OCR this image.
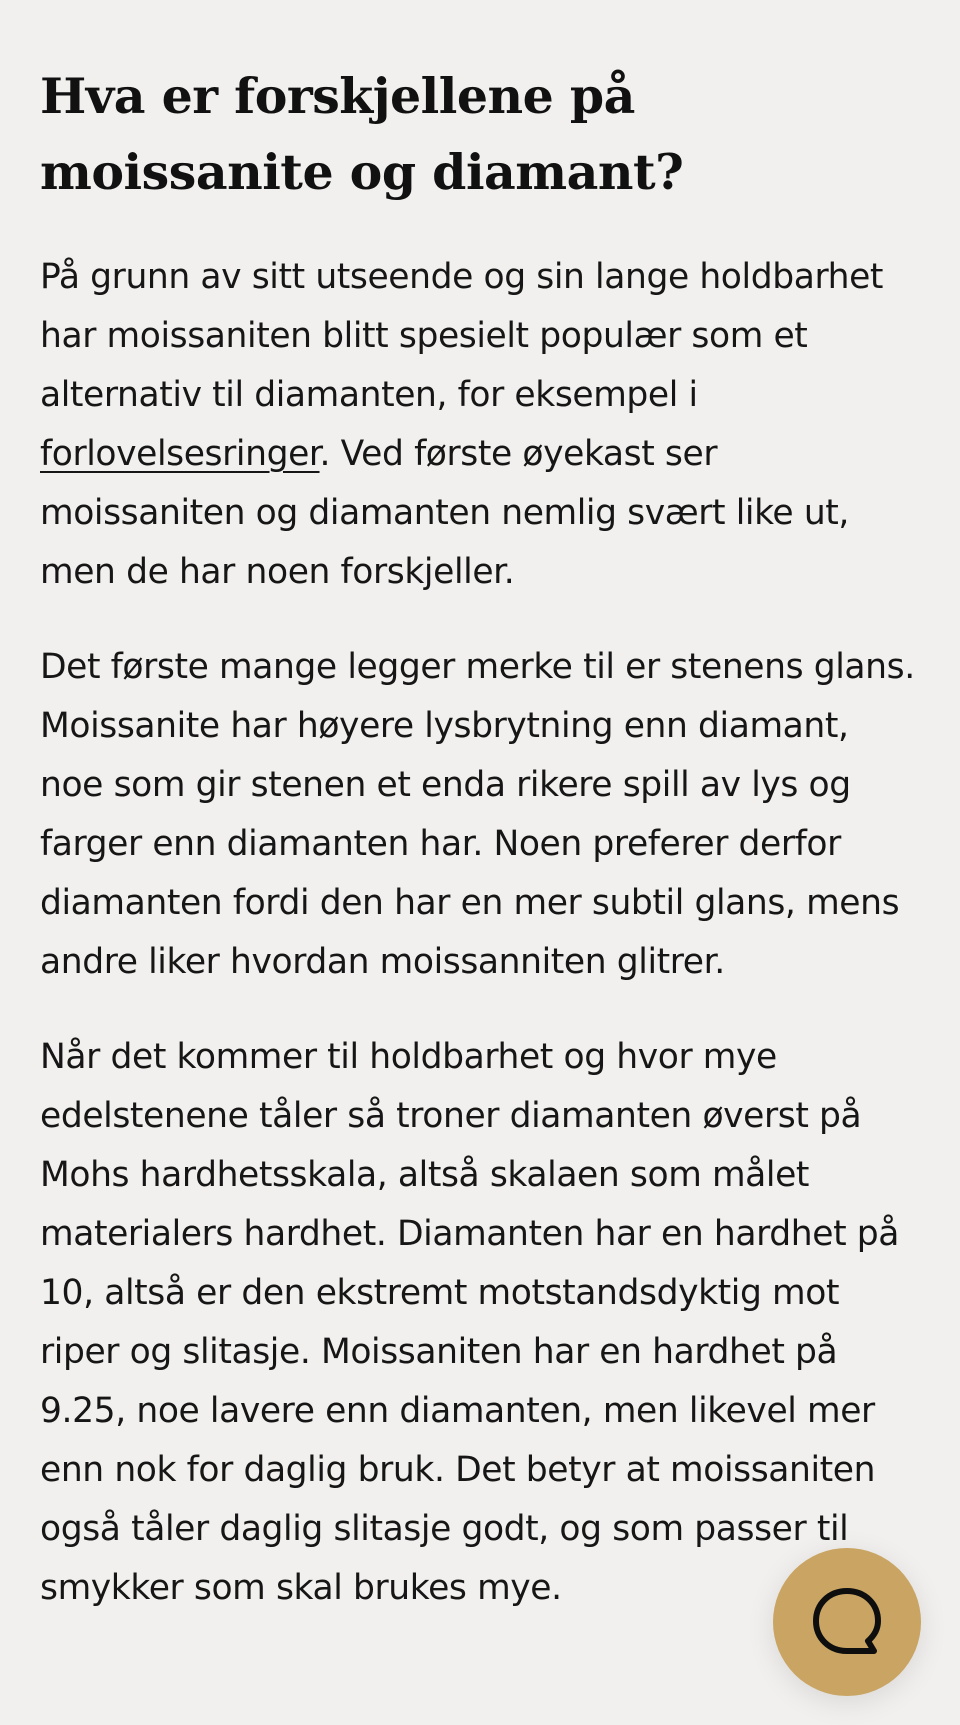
Hva er forskjellene på
moissanite og diamant?

På grunn av sitt utseende og sin lange holdbarhet har moissaniten blitt spesielt populær som et alternativ til diamanten, for eksempel i forlovelsesringer. Ved første øyekast ser moissaniten og diamanten nemlig svært like ut, men de har noen forskjeller.

Det første mange legger merke til er stenens glans. Moissanite har høyere lysbrytning enn diamant, noe som gir stenen et enda rikere spill av lys og farger enn diamanten har. Noen preferer derfor diamanten fordi den har en mer subtil glans, mens andre liker hvordan moissanniten glitrer.

Når det kommer til holdbarhet og hvor mye edelstenene tåler så troner diamanten øverst på Mohs hardhetsskala, altså skalaen som målet materialers hardhet. Diamanten har en hardhet på 10, altså er den ekstremt motstandsdyktig mot riper og slitasje. Moissaniten har en hardhet på 9.25, noe lavere enn diamanten, men likevel mer enn nok for daglig bruk. Det betyr at moissaniten også tåler daglig slitasje godt, og som passer til smykker som skal brukes mye.
